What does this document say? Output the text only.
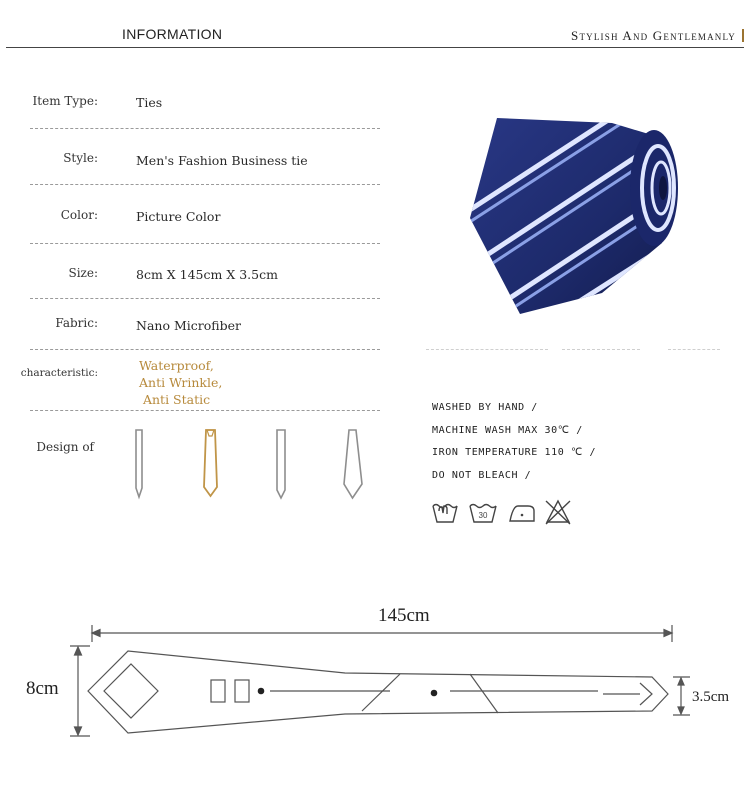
INFORMATION	Stylish And Gentlemanly
Item Type:	Ties
Style:	Men's Fashion Business tie
Color:	Picture Color
Size:	8cm X 145cm X 3.5cm
Fabric:	Nano Microfiber
characteristic:	Waterproof,
Anti Wrinkle,
Anti Static
Design of
WASHED BY HAND /
MACHINE WASH MAX 30℃ /
IRON TEMPERATURE 110 ℃ /
DO NOT BLEACH /
30
145cm
8cm	3.5cm
